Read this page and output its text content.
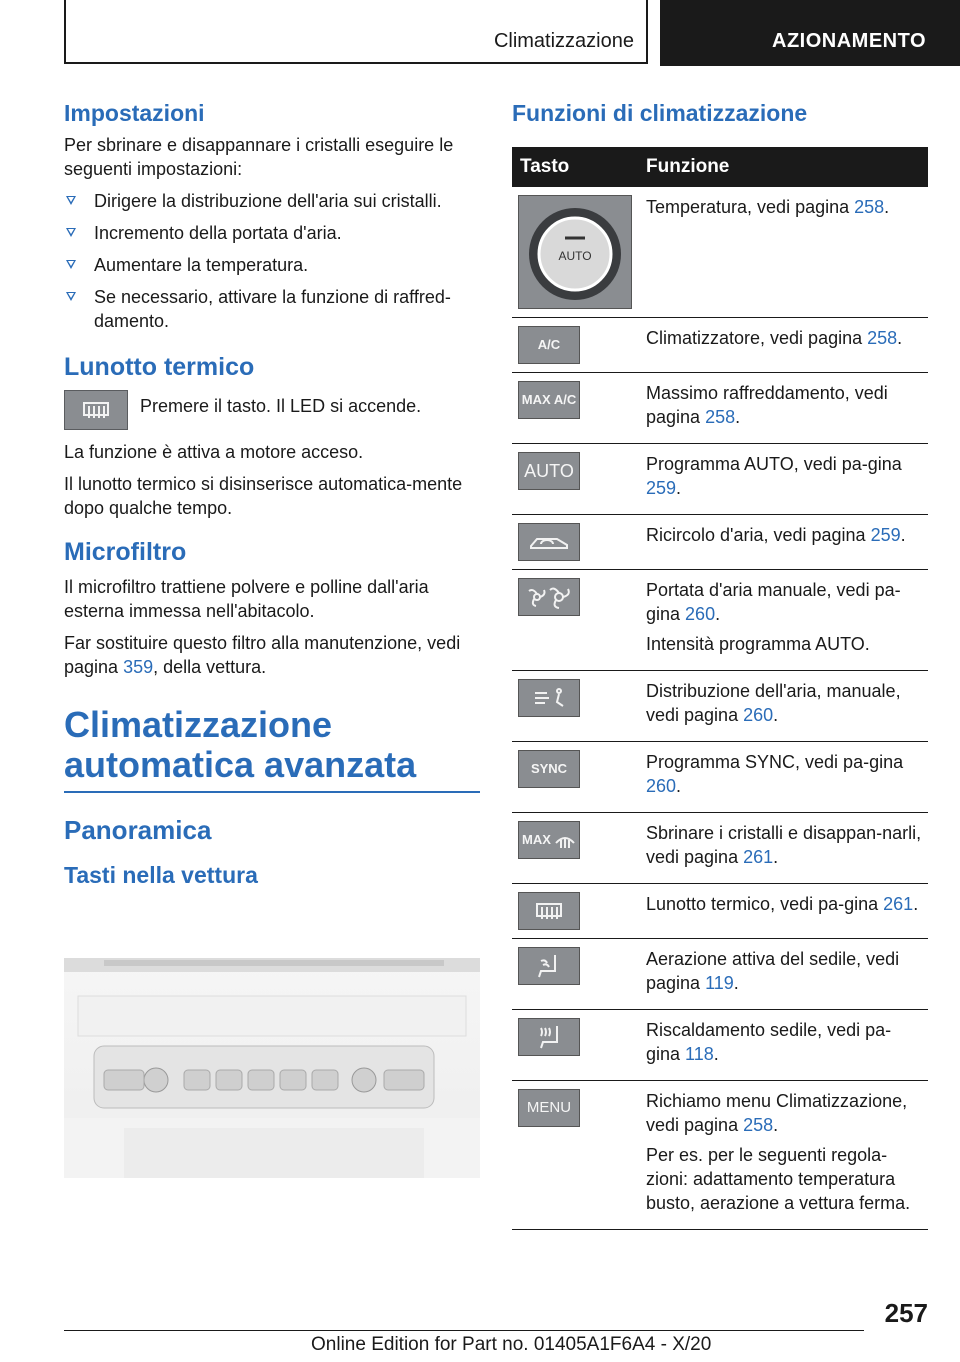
Climatizzazione	AZIONAMENTO
Impostazioni

Per sbrinare e disappannare i cristalli eseguire le seguenti impostazioni:

Dirigere la distribuzione dell'aria sui cristalli.
Incremento della portata d'aria.
Aumentare la temperatura.
Se necessario, attivare la funzione di raffred-damento.
Lunotto termico
Premere il tasto. Il LED si accende.

La funzione è attiva a motore acceso.

Il lunotto termico si disinserisce automatica-mente dopo qualche tempo.

Microfiltro

Il microfiltro trattiene polvere e polline dall'aria esterna immessa nell'abitacolo.

Far sostituire questo filtro alla manutenzione, vedi pagina 359, della vettura.

Climatizzazione automatica avanzata
Panoramica
Tasti nella vettura
Funzioni di climatizzazione
Tasto	Funzione

AUTO	Temperatura, vedi pagina 258.

A/C	Climatizzatore, vedi pagina 258.

MAX A/C	Massimo raffreddamento, vedi pagina 258.

AUTO	Programma AUTO, vedi pa-gina 259.

Ricircolo d'aria, vedi pagina 259.

Portata d'aria manuale, vedi pa-gina 260.

Intensità programma AUTO.

Distribuzione dell'aria, manuale, vedi pagina 260.

SYNC	Programma SYNC, vedi pa-gina 260.

MAX	Sbrinare i cristalli e disappan-narli, vedi pagina 261.

Lunotto termico, vedi pa-gina 261.

Aerazione attiva del sedile, vedi pagina 119.

Riscaldamento sedile, vedi pa-gina 118.

MENU	Richiamo menu Climatizzazione, vedi pagina 258.

Per es. per le seguenti regola-zioni: adattamento temperatura busto, aerazione a vettura ferma.

257
Online Edition for Part no. 01405A1F6A4 - X/20
